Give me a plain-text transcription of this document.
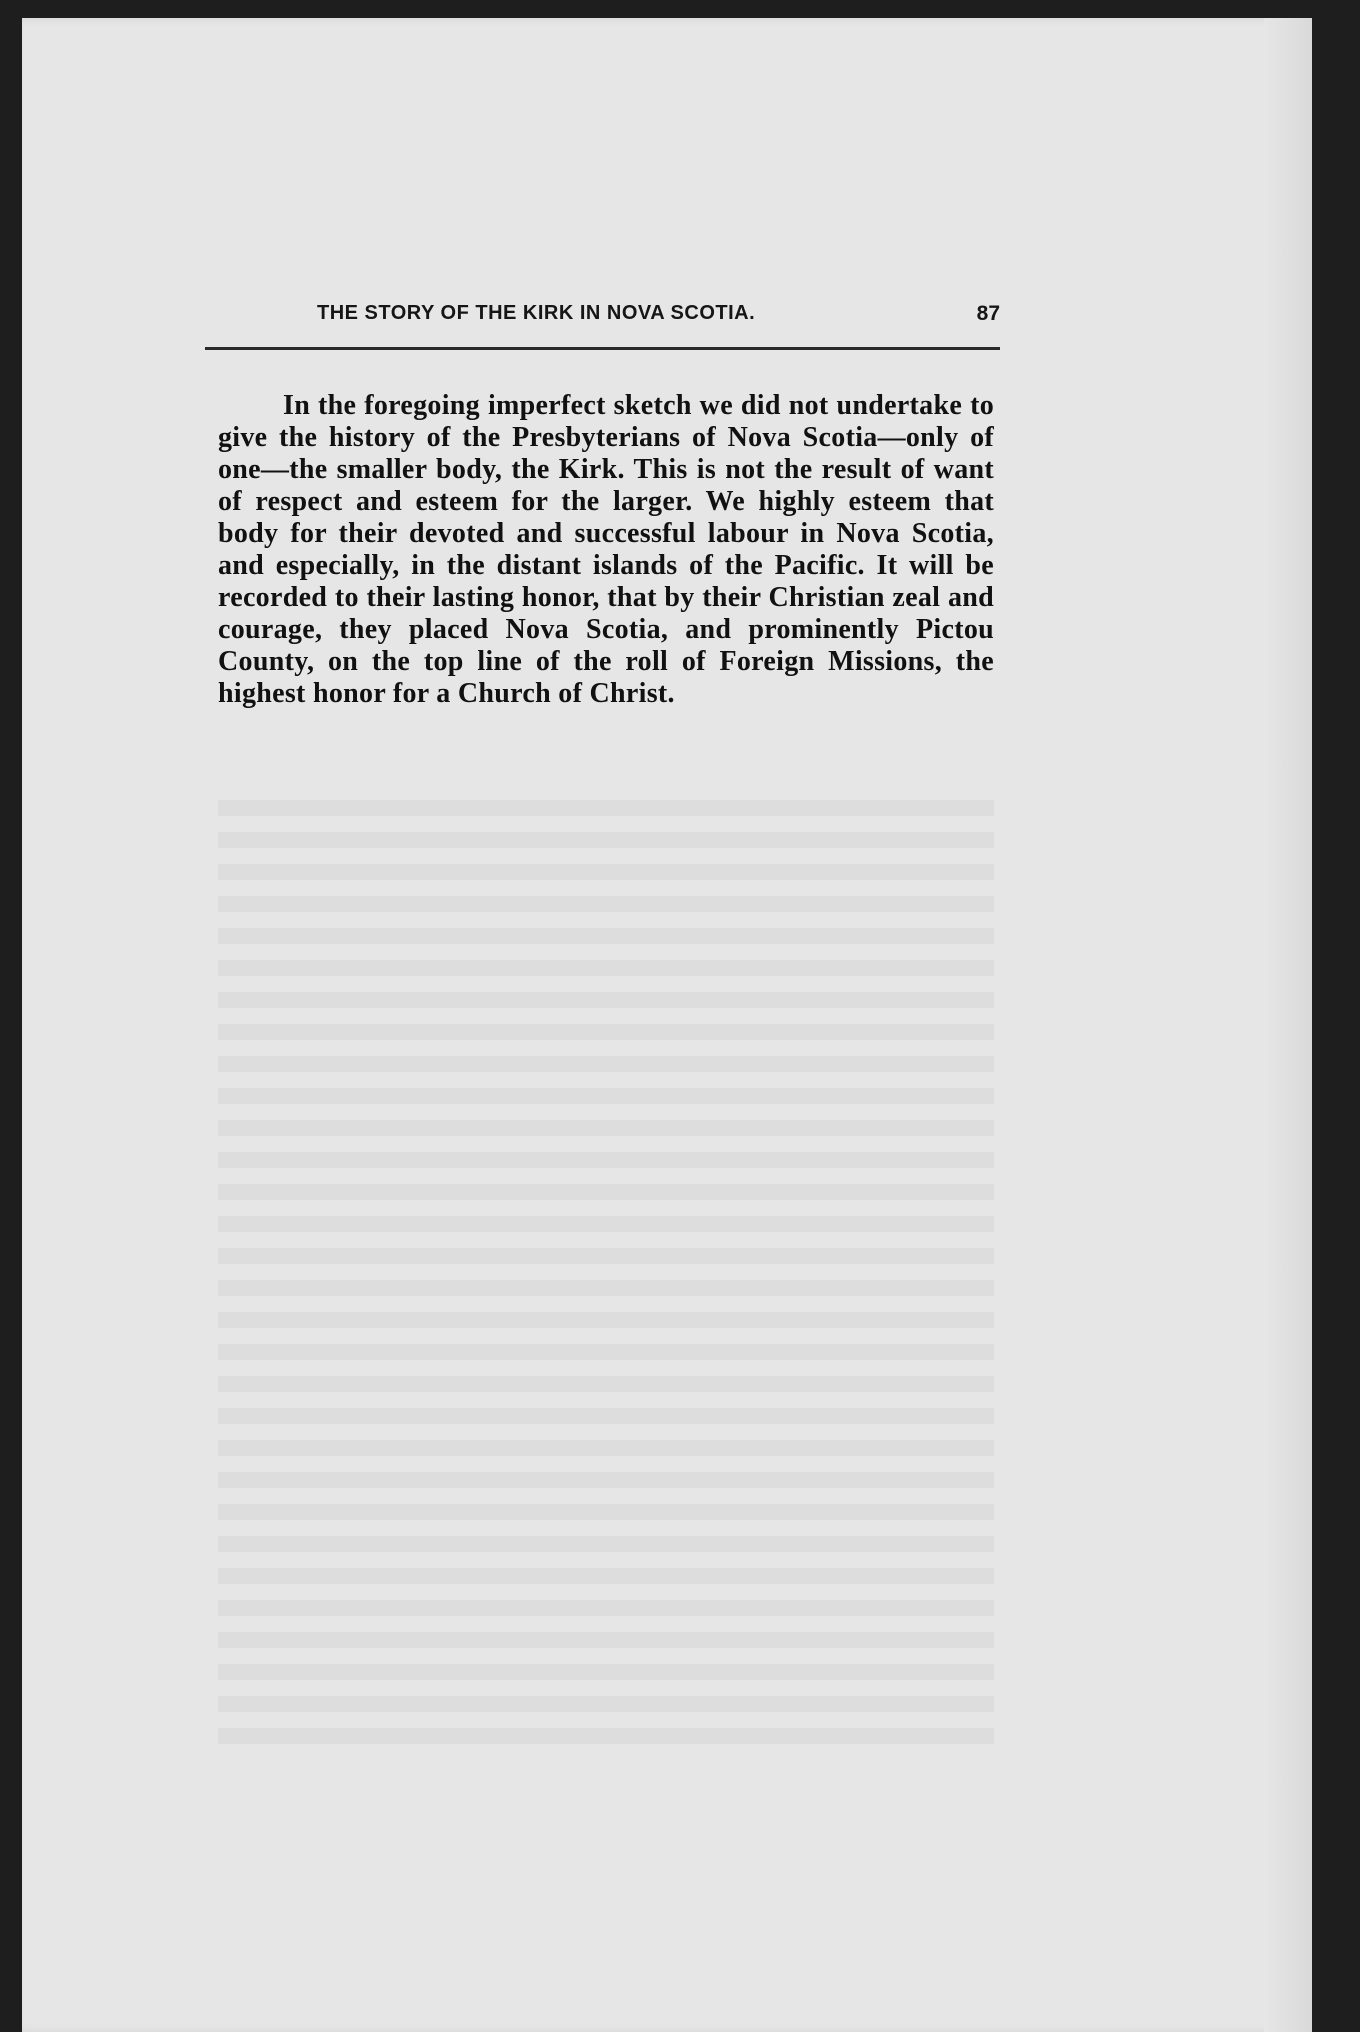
THE STORY OF THE KIRK IN NOVA SCOTIA.	87

In the foregoing imperfect sketch we did not undertake to give the history of the Presbyterians of Nova Scotia—only of one—the smaller body, the Kirk. This is not the result of want of respect and esteem for the larger. We highly esteem that body for their devoted and successful labour in Nova Scotia, and especially, in the distant islands of the Pacific. It will be recorded to their lasting honor, that by their Christian zeal and courage, they placed Nova Scotia, and prominently Pictou County, on the top line of the roll of Foreign Missions, the highest honor for a Church of Christ.
